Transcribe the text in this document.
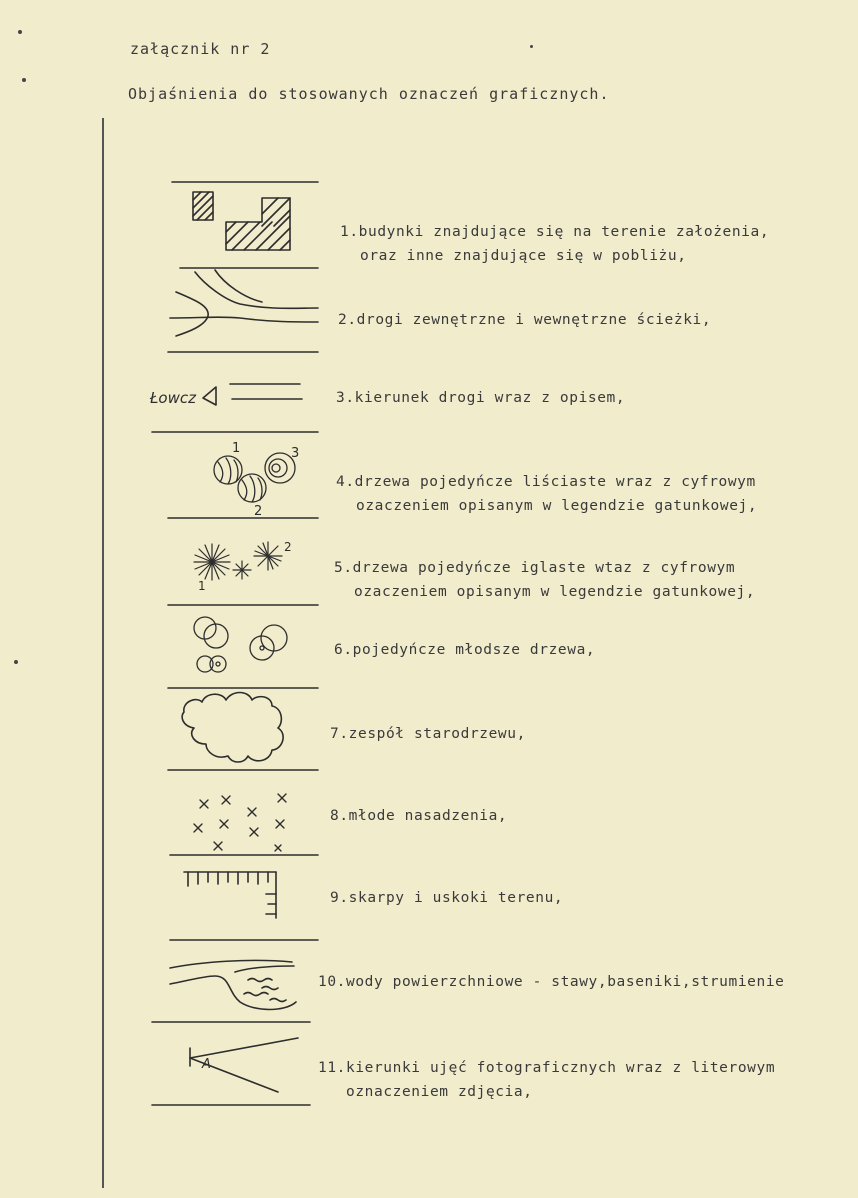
załącznik nr 2
Objaśnienia do stosowanych oznaczeń graficznych.
Łowcz
1
2
3
1
2
A
1.budynki znajdujące się na terenie założenia,
oraz inne znajdujące się w pobliżu,
2.drogi zewnętrzne i wewnętrzne ścieżki,
3.kierunek drogi wraz z opisem,
4.drzewa pojedyńcze liściaste wraz z cyfrowym
ozaczeniem opisanym w legendzie gatunkowej,
5.drzewa pojedyńcze iglaste wtaz z cyfrowym
ozaczeniem opisanym w legendzie gatunkowej,
6.pojedyńcze młodsze drzewa,
7.zespół starodrzewu,
8.młode nasadzenia,
9.skarpy i uskoki terenu,
10.wody powierzchniowe - stawy,baseniki,strumienie
11.kierunki ujęć fotograficznych wraz z literowym
oznaczeniem zdjęcia,
